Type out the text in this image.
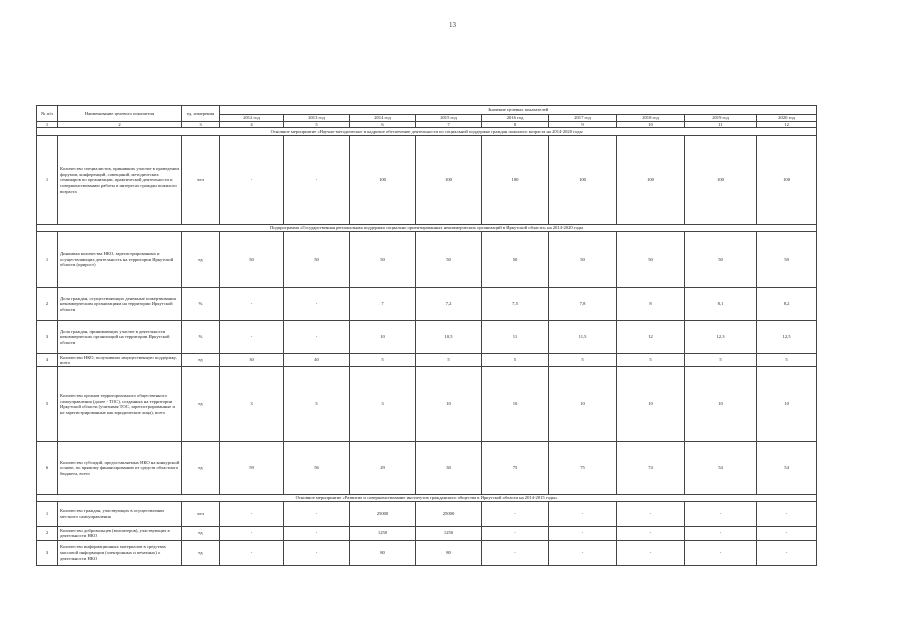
13
№ п/п	Наименование целевого показателя	ед. измерения	Значение целевых показателей								
			2012 год	2013 год	2014 год	2015 год	2016 год	2017 год	2018 год	2019 год	2020 год
1	2	3	4	5	6	7	8	9	10	11	12
Основное мероприятие «Научно-методическое и кадровое обеспечение деятельности по социальной поддержке граждан пожилого возраста на 2014-2020 годы											
1	Количество специалистов, принявших участие в проведении форумов, конференций, совещаний, методических семинаров по организации, практической деятельности и совершенствованию работы в интересах граждан пожилого возраста	чел	-	-	100	100	100	100	100	100	100
Подпрограмма «Государственная региональная поддержка социально ориентированных некоммерческих организаций в Иркутской области» на 2014-2020 годы											
1	Динамика количества НКО, зарегистрированных и осуществляющих деятельность на территории Иркутской области (прирост)	ед	50	50	50	50	50	50	50	50	50
2	Доля граждан, осуществляющих денежные пожертвования некоммерческим организациям на территории Иркутской области	%	-	-	7	7,2	7,5	7,8	8	8,1	8,2
3	Доля граждан, принимающих участие в деятельности некоммерческих организаций на территории Иркутской области	%	-	-	10	10,5	11	11,5	12	12,3	12,5
4	Количество НКО, получивших имущественную поддержку, всего	ед	30	40	5	5	5	5	5	5	5
5	Количество органов территориального общественного самоуправления (далее - ТОС), созданных на территории Иркутской области (учитывая ТОС, зарегистрированные и не зарегистрированные как юридические лица), всего	ед	3	5	3	10	10	10	10	10	10
6	Количество субсидий, предоставляемых НКО на конкурсной основе, по прямому финансированию из средств областного бюджета, всего	ед	59	56	29	30	75	75	74	54	54
Основное мероприятие «Развитие и совершенствование институтов гражданского общества в Иркутской области на 2014-2015 годы»											
1	Количество граждан, участвующих в осуществлении местного самоуправления	чел	-	-	25000	25000	-	-	-	-	-
2	Количество добровольцев (волонтеров), участвующих в деятельности НКО	ед	-	-	1250	1250	-	-	-	-	-
3	Количество информационных материалов в средствах массовой информации (электронных и печатных) о деятельности НКО	ед	-	-	80	80	-	-	-	-	-
